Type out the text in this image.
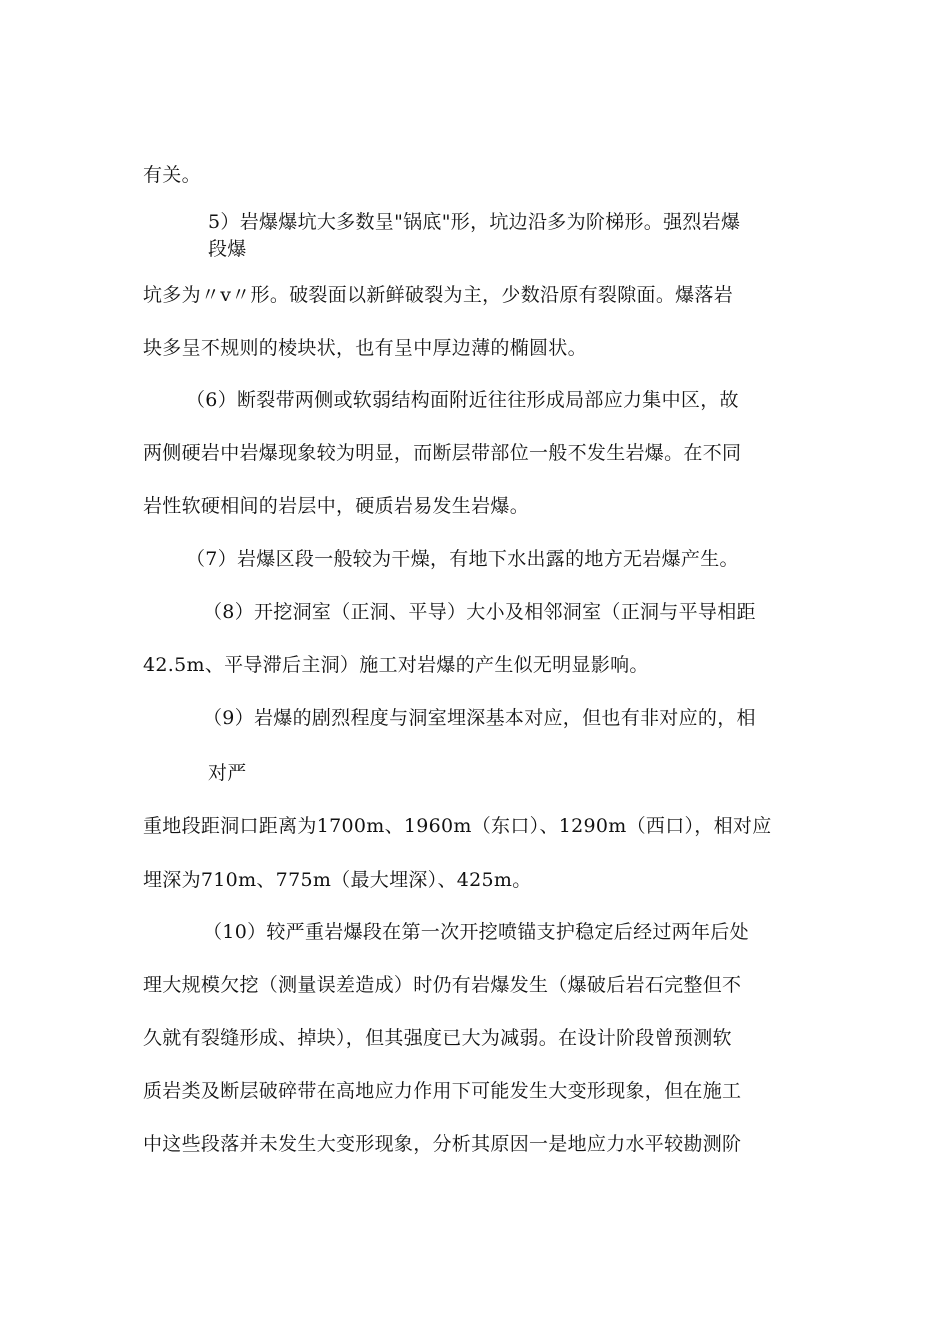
有关。

5）岩爆爆坑大多数呈"锅底"形，坑边沿多为阶梯形。强烈岩爆

段爆

坑多为〃v〃形。破裂面以新鲜破裂为主，少数沿原有裂隙面。爆落岩

块多呈不规则的棱块状，也有呈中厚边薄的椭圆状。

（6）断裂带两侧或软弱结构面附近往往形成局部应力集中区，故

两侧硬岩中岩爆现象较为明显，而断层带部位一般不发生岩爆。在不同

岩性软硬相间的岩层中，硬质岩易发生岩爆。

（7）岩爆区段一般较为干燥，有地下水出露的地方无岩爆产生。

（8）开挖洞室（正洞、平导）大小及相邻洞室（正洞与平导相距

42.5m、平导滞后主洞）施工对岩爆的产生似无明显影响。

（9）岩爆的剧烈程度与洞室埋深基本对应，但也有非对应的，相

对严

重地段距洞口距离为1700m、1960m（东口）、1290m（西口），相对应

埋深为710m、775m（最大埋深）、425m。

（10）较严重岩爆段在第一次开挖喷锚支护稳定后经过两年后处

理大规模欠挖（测量误差造成）时仍有岩爆发生（爆破后岩石完整但不

久就有裂缝形成、掉块），但其强度已大为减弱。在设计阶段曾预测软

质岩类及断层破碎带在高地应力作用下可能发生大变形现象，但在施工

中这些段落并未发生大变形现象，分析其原因一是地应力水平较勘测阶
